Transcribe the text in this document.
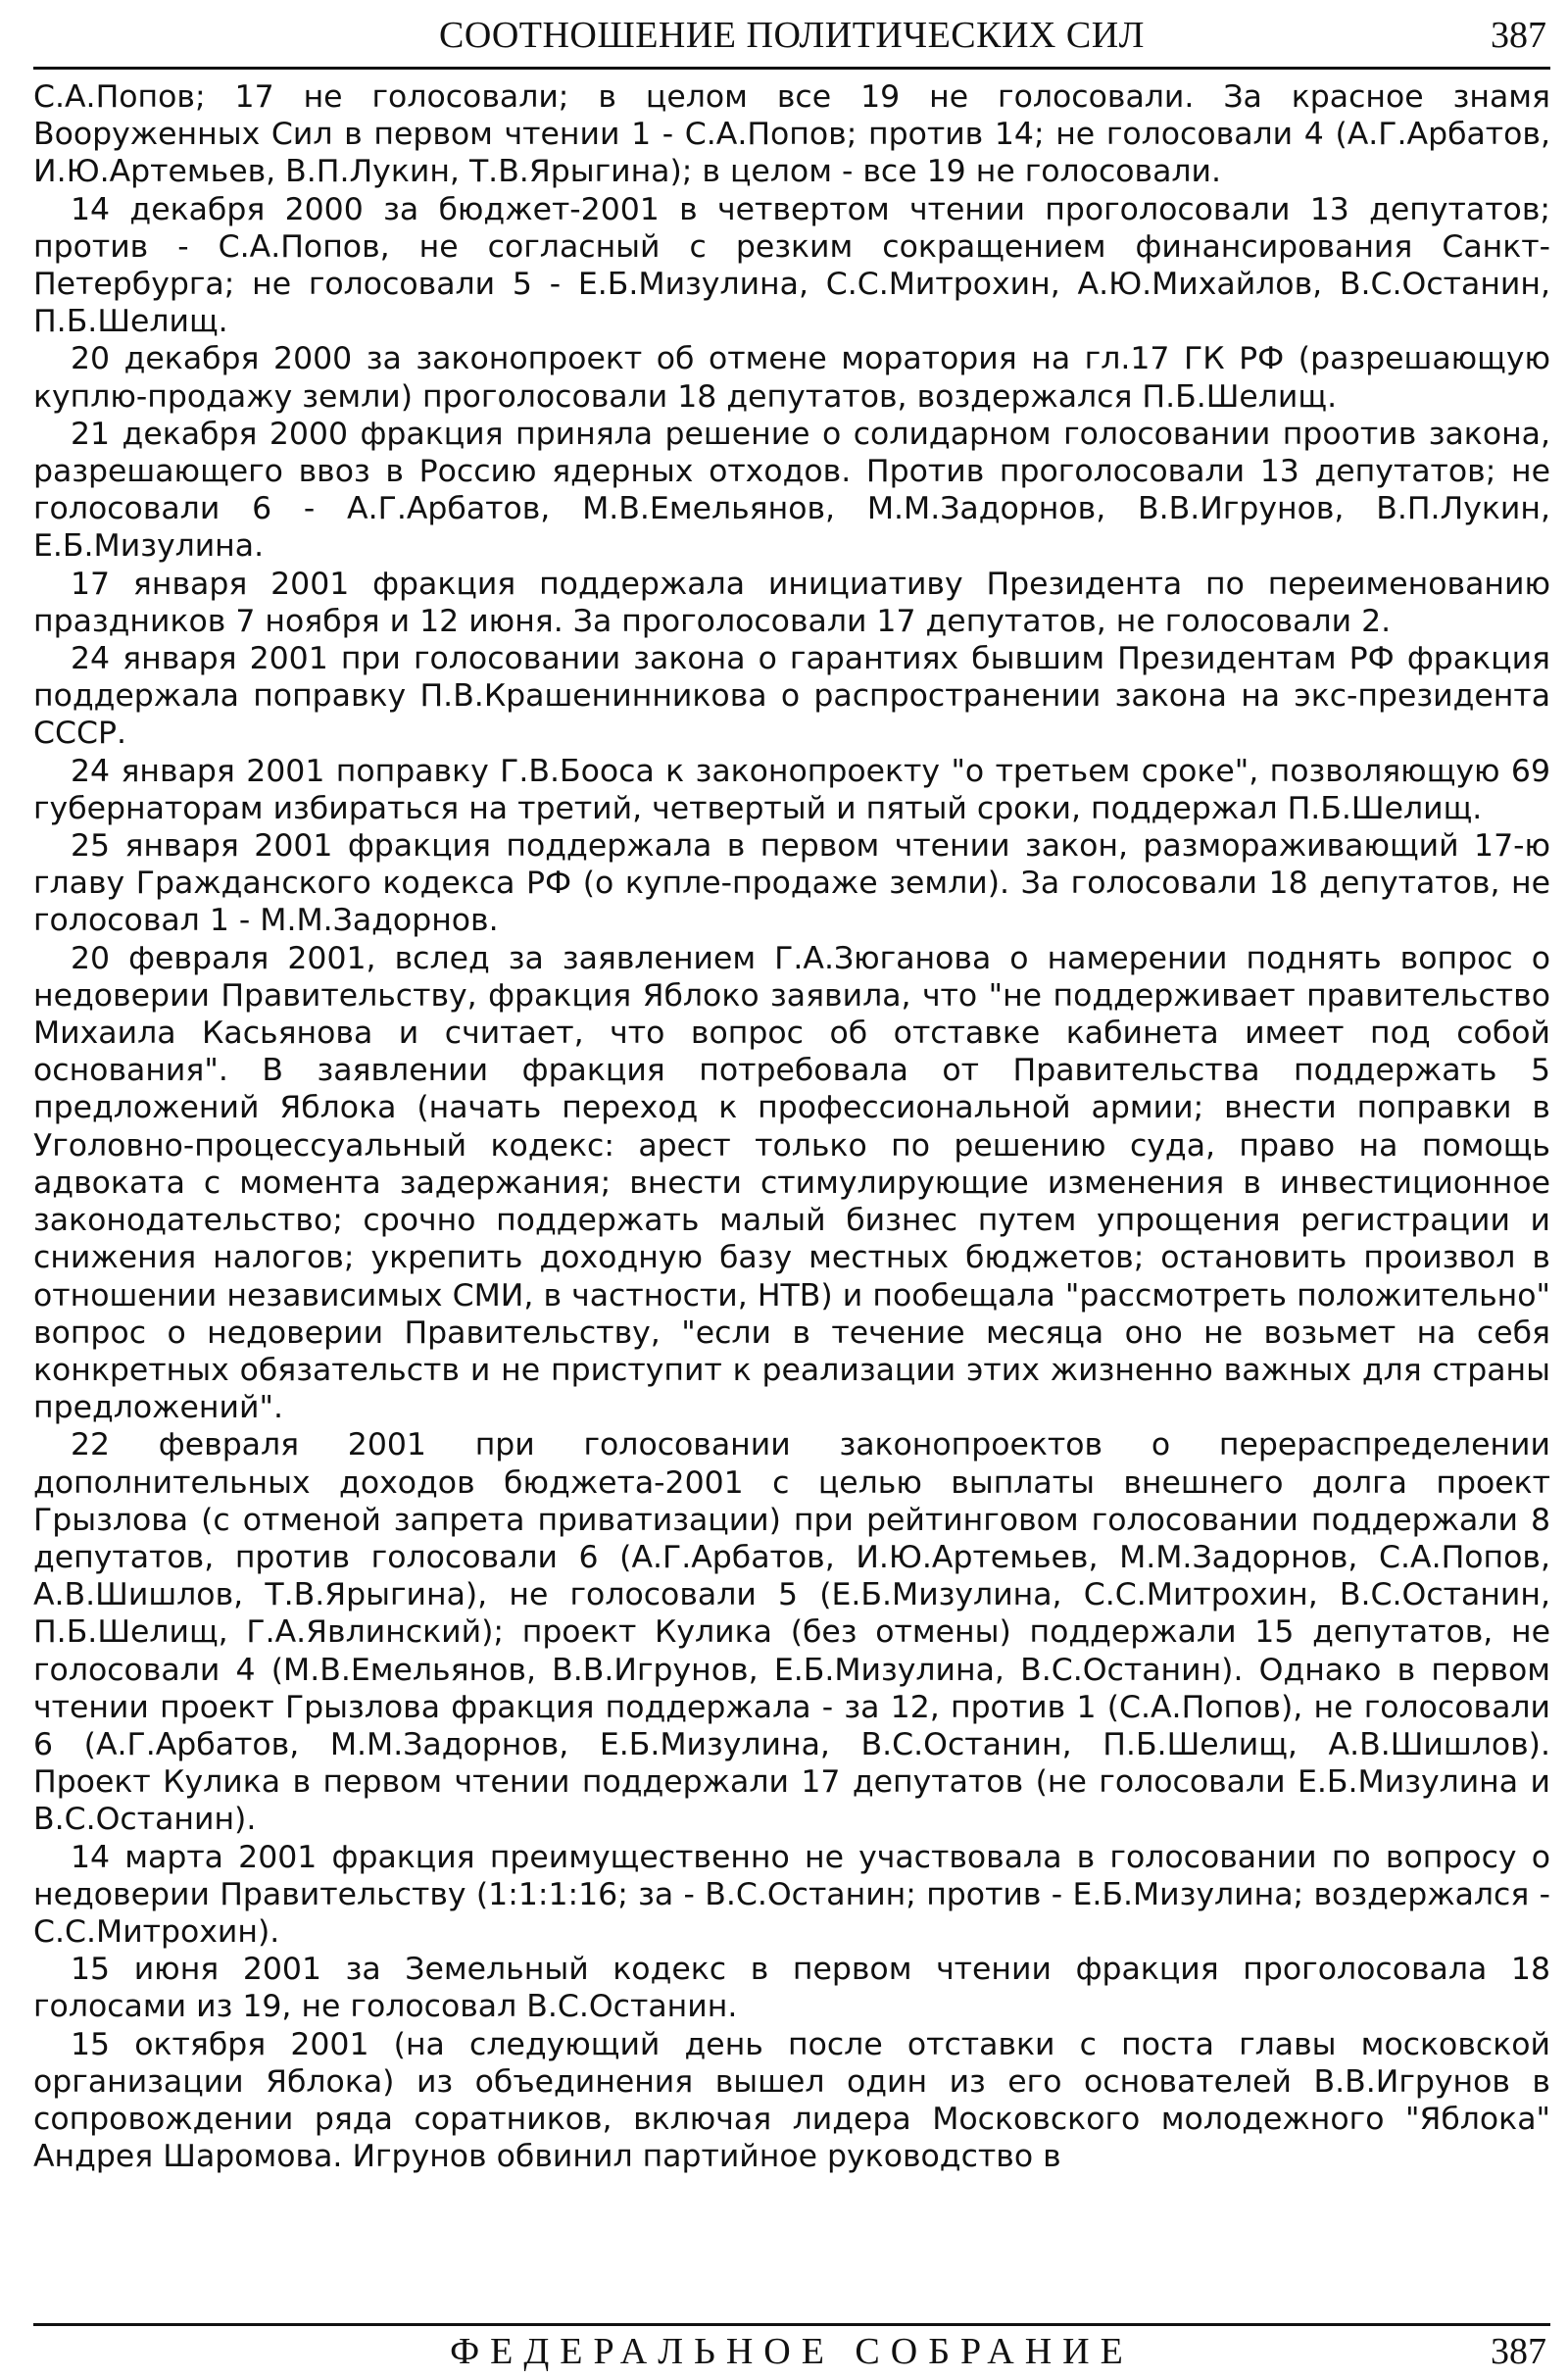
СООТНОШЕНИЕ ПОЛИТИЧЕСКИХ СИЛ	387

С.А.Попов; 17 не голосовали; в целом все 19 не голосовали. За красное знамя Вооруженных Сил в первом чтении 1 - С.А.Попов; против 14; не голосовали 4 (А.Г.Арбатов, И.Ю.Артемьев, В.П.Лукин, Т.В.Ярыгина); в целом - все 19 не голосовали.

14 декабря 2000 за бюджет-2001 в четвертом чтении проголосовали 13 депутатов; против - С.А.Попов, не согласный с резким сокращением финансирования Санкт-Петербурга; не голосовали 5 - Е.Б.Мизулина, С.С.Митрохин, А.Ю.Михайлов, В.С.Останин, П.Б.Шелищ.

20 декабря 2000 за законопроект об отмене моратория на гл.17 ГК РФ (разрешающую куплю-продажу земли) проголосовали 18 депутатов, воздержался П.Б.Шелищ.

21 декабря 2000 фракция приняла решение о солидарном голосовании проотив закона, разрешающего ввоз в Россию ядерных отходов. Против проголосовали 13 депутатов; не голосовали 6 - А.Г.Арбатов, М.В.Емельянов, М.М.Задорнов, В.В.Игрунов, В.П.Лукин, Е.Б.Мизулина.

17 января 2001 фракция поддержала инициативу Президента по переименованию праздников 7 ноября и 12 июня. За проголосовали 17 депутатов, не голосовали 2.

24 января 2001 при голосовании закона о гарантиях бывшим Президентам РФ фракция поддержала поправку П.В.Крашенинникова о распространении закона на экс-президента СССР.

24 января 2001 поправку Г.В.Бооса к законопроекту "о третьем сроке", позволяющую 69 губернаторам избираться на третий, четвертый и пятый сроки, поддержал П.Б.Шелищ.

25 января 2001 фракция поддержала в первом чтении закон, размораживающий 17-ю главу Гражданского кодекса РФ (о купле-продаже земли). За голосовали 18 депутатов, не голосовал 1 - М.М.Задорнов.

20 февраля 2001, вслед за заявлением Г.А.Зюганова о намерении поднять вопрос о недоверии Правительству, фракция Яблоко заявила, что "не поддерживает правительство Михаила Касьянова и считает, что вопрос об отставке кабинета имеет под собой основания". В заявлении фракция потребовала от Правительства поддержать 5 предложений Яблока (начать переход к профессиональной армии; внести поправки в Уголовно-процессуальный кодекс: арест только по решению суда, право на помощь адвоката с момента задержания; внести стимулирующие изменения в инвестиционное законодательство; срочно поддержать малый бизнес путем упрощения регистрации и снижения налогов; укрепить доходную базу местных бюджетов; остановить произвол в отношении независимых СМИ, в частности, НТВ) и пообещала "рассмотреть положительно" вопрос о недоверии Правительству, "если в течение месяца оно не возьмет на себя конкретных обязательств и не приступит к реализации этих жизненно важных для страны предложений".

22 февраля 2001 при голосовании законопроектов о перераспределении дополнительных доходов бюджета-2001 с целью выплаты внешнего долга проект Грызлова (с отменой запрета приватизации) при рейтинговом голосовании поддержали 8 депутатов, против голосовали 6 (А.Г.Арбатов, И.Ю.Артемьев, М.М.Задорнов, С.А.Попов, А.В.Шишлов, Т.В.Ярыгина), не голосовали 5 (Е.Б.Мизулина, С.С.Митрохин, В.С.Останин, П.Б.Шелищ, Г.А.Явлинский); проект Кулика (без отмены) поддержали 15 депутатов, не голосовали 4 (М.В.Емельянов, В.В.Игрунов, Е.Б.Мизулина, В.С.Останин). Однако в первом чтении проект Грызлова фракция поддержала - за 12, против 1 (С.А.Попов), не голосовали 6 (А.Г.Арбатов, М.М.Задорнов, Е.Б.Мизулина, В.С.Останин, П.Б.Шелищ, А.В.Шишлов). Проект Кулика в первом чтении поддержали 17 депутатов (не голосовали Е.Б.Мизулина и В.С.Останин).

14 марта 2001 фракция преимущественно не участвовала в голосовании по вопросу о недоверии Правительству (1:1:1:16; за - В.С.Останин; против - Е.Б.Мизулина; воздержался - С.С.Митрохин).

15 июня 2001 за Земельный кодекс в первом чтении фракция проголосовала 18 голосами из 19, не голосовал В.С.Останин.

15 октября 2001 (на следующий день после отставки с поста главы московской организации Яблока) из объединения вышел один из его основателей В.В.Игрунов в сопровождении ряда соратников, включая лидера Московского молодежного "Яблока" Андрея Шаромова. Игрунов обвинил партийное руководство в

ФЕДЕРАЛЬНОЕ СОБРАНИЕ	387
